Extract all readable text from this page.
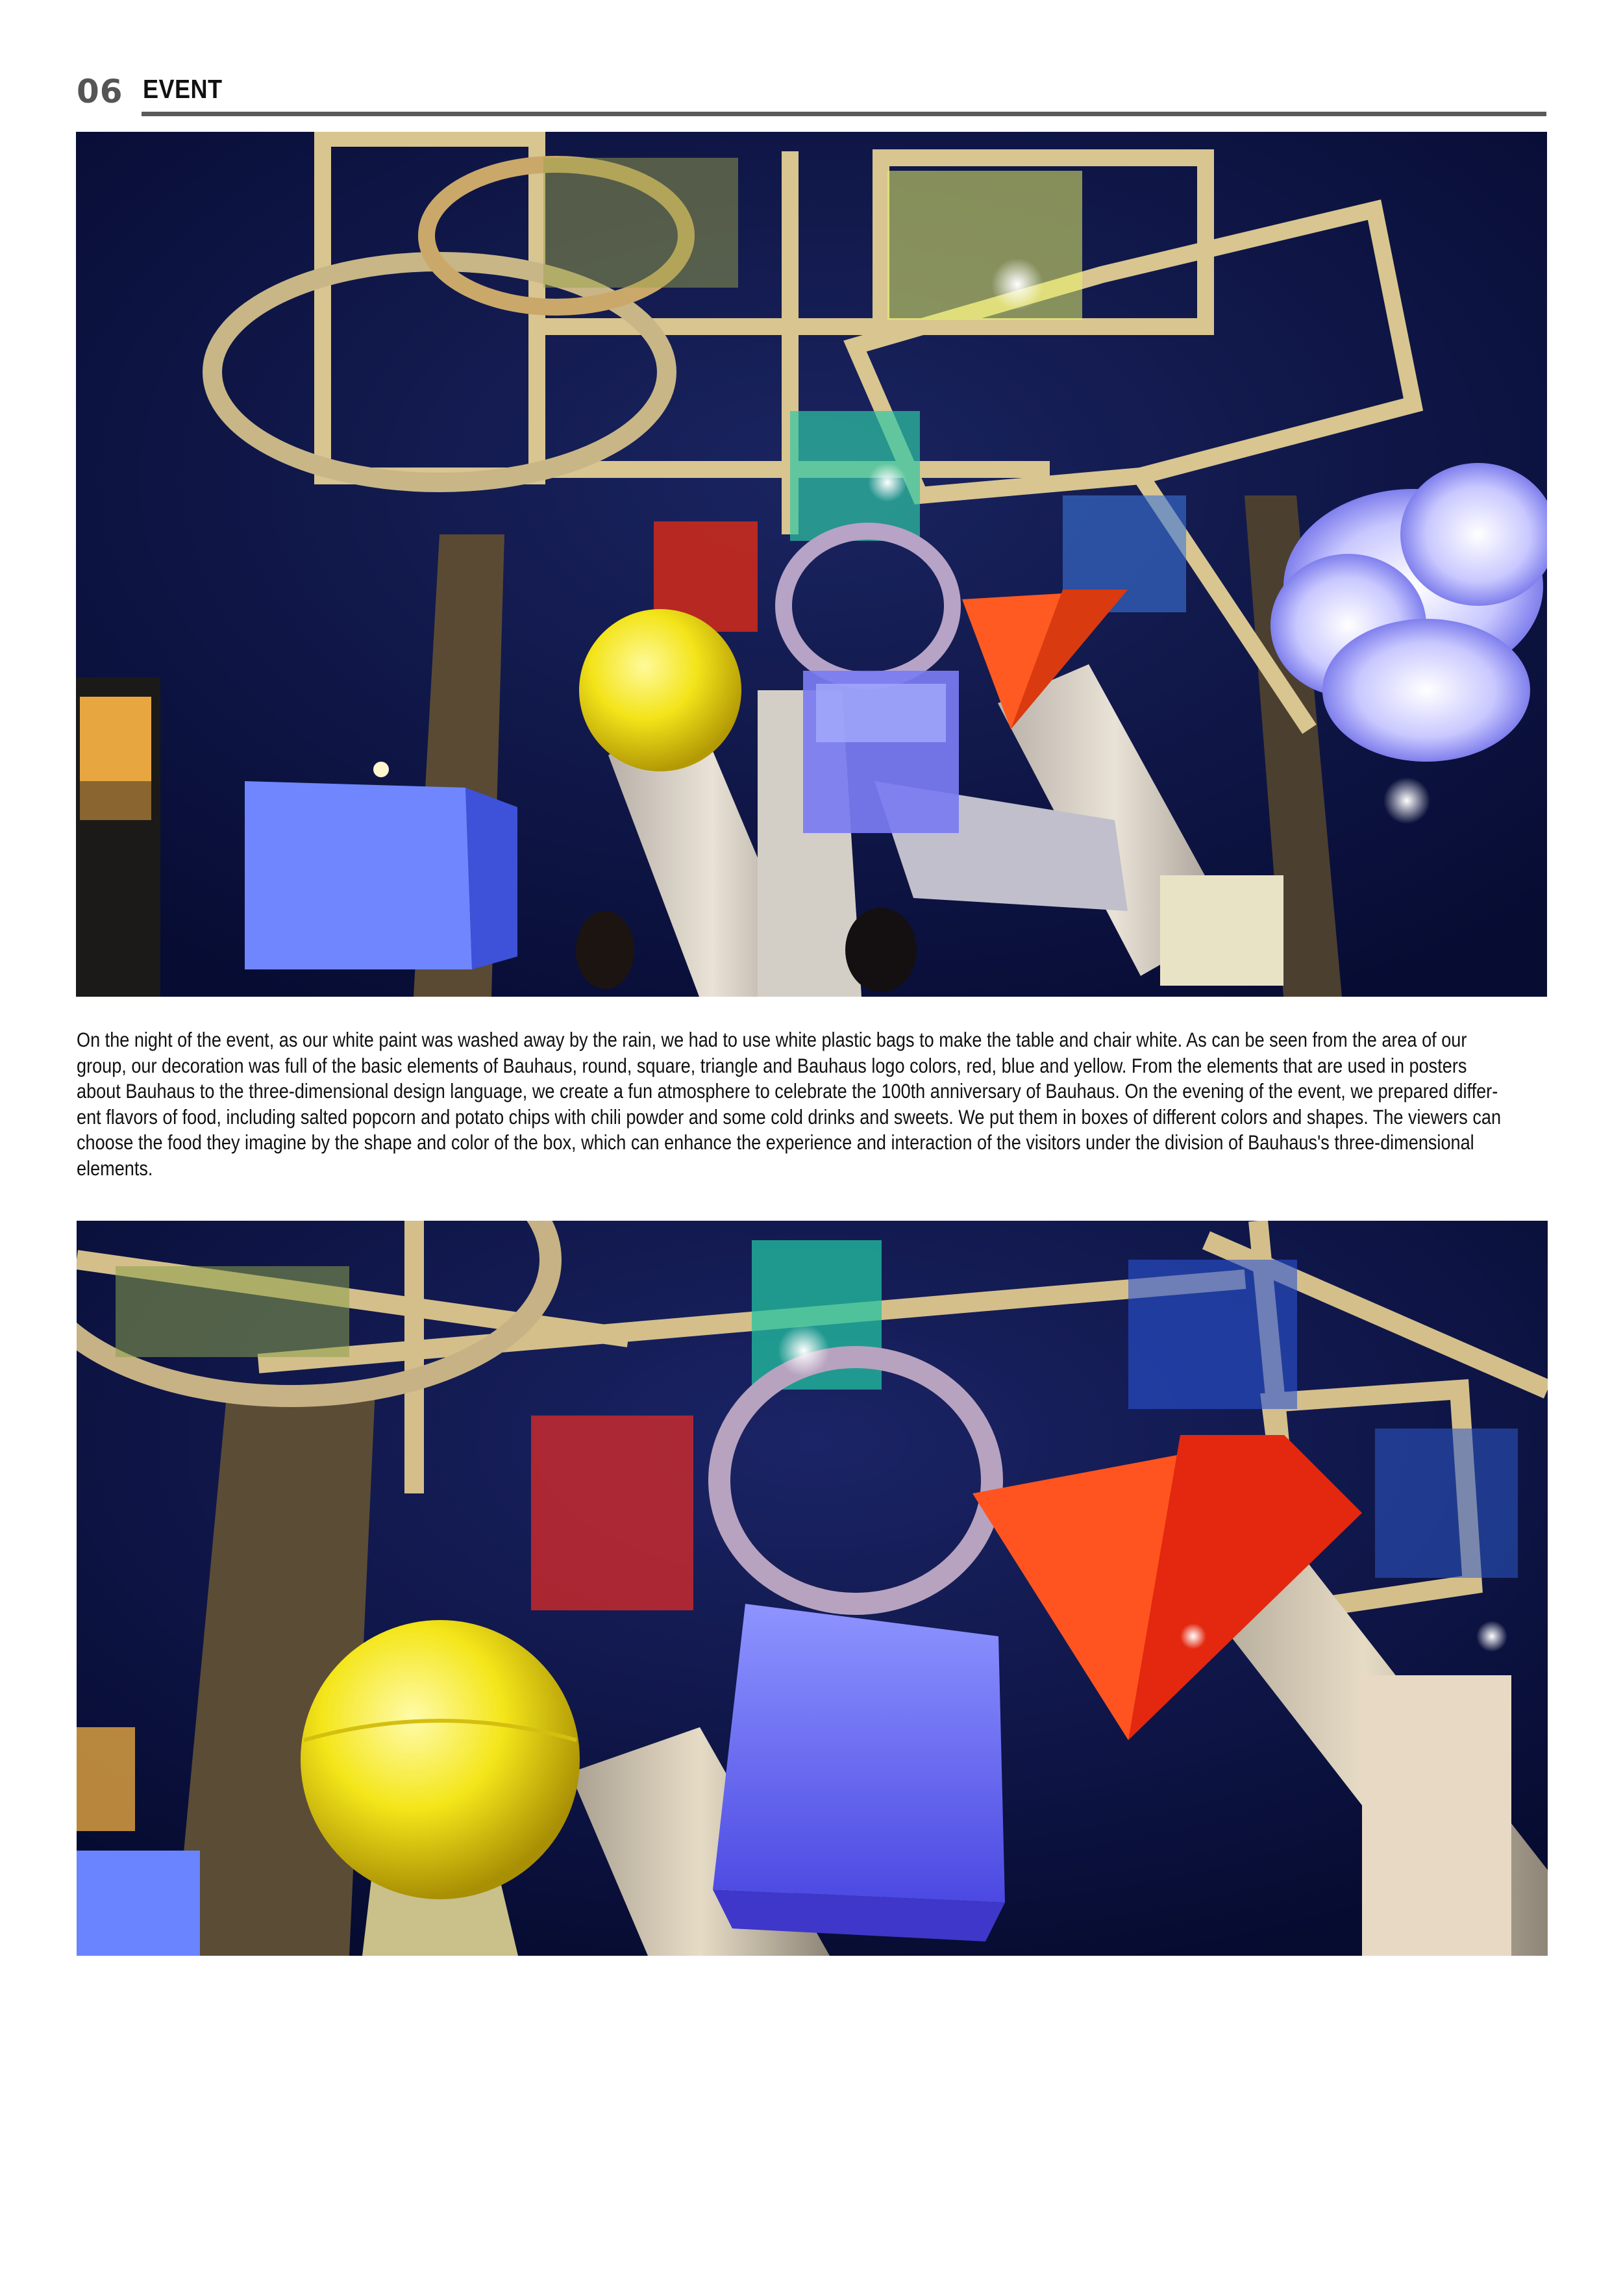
06 EVENT

On the night of the event, as our white paint was washed away by the rain, we had to use white plastic bags to make the table and chair white. As can be seen from the area of our

group, our decoration was full of the basic elements of Bauhaus, round, square, triangle and Bauhaus logo colors, red, blue and yellow. From the elements that are used in posters

about Bauhaus to the three-dimensional design language, we create a fun atmosphere to celebrate the 100th anniversary of Bauhaus. On the evening of the event, we prepared differ-

ent flavors of food, including salted popcorn and potato chips with chili powder and some cold drinks and sweets. We put them in boxes of different colors and shapes. The viewers can

choose the food they imagine by the shape and color of the box, which can enhance the experience and interaction of the visitors under the division of Bauhaus's three-dimensional

elements.
